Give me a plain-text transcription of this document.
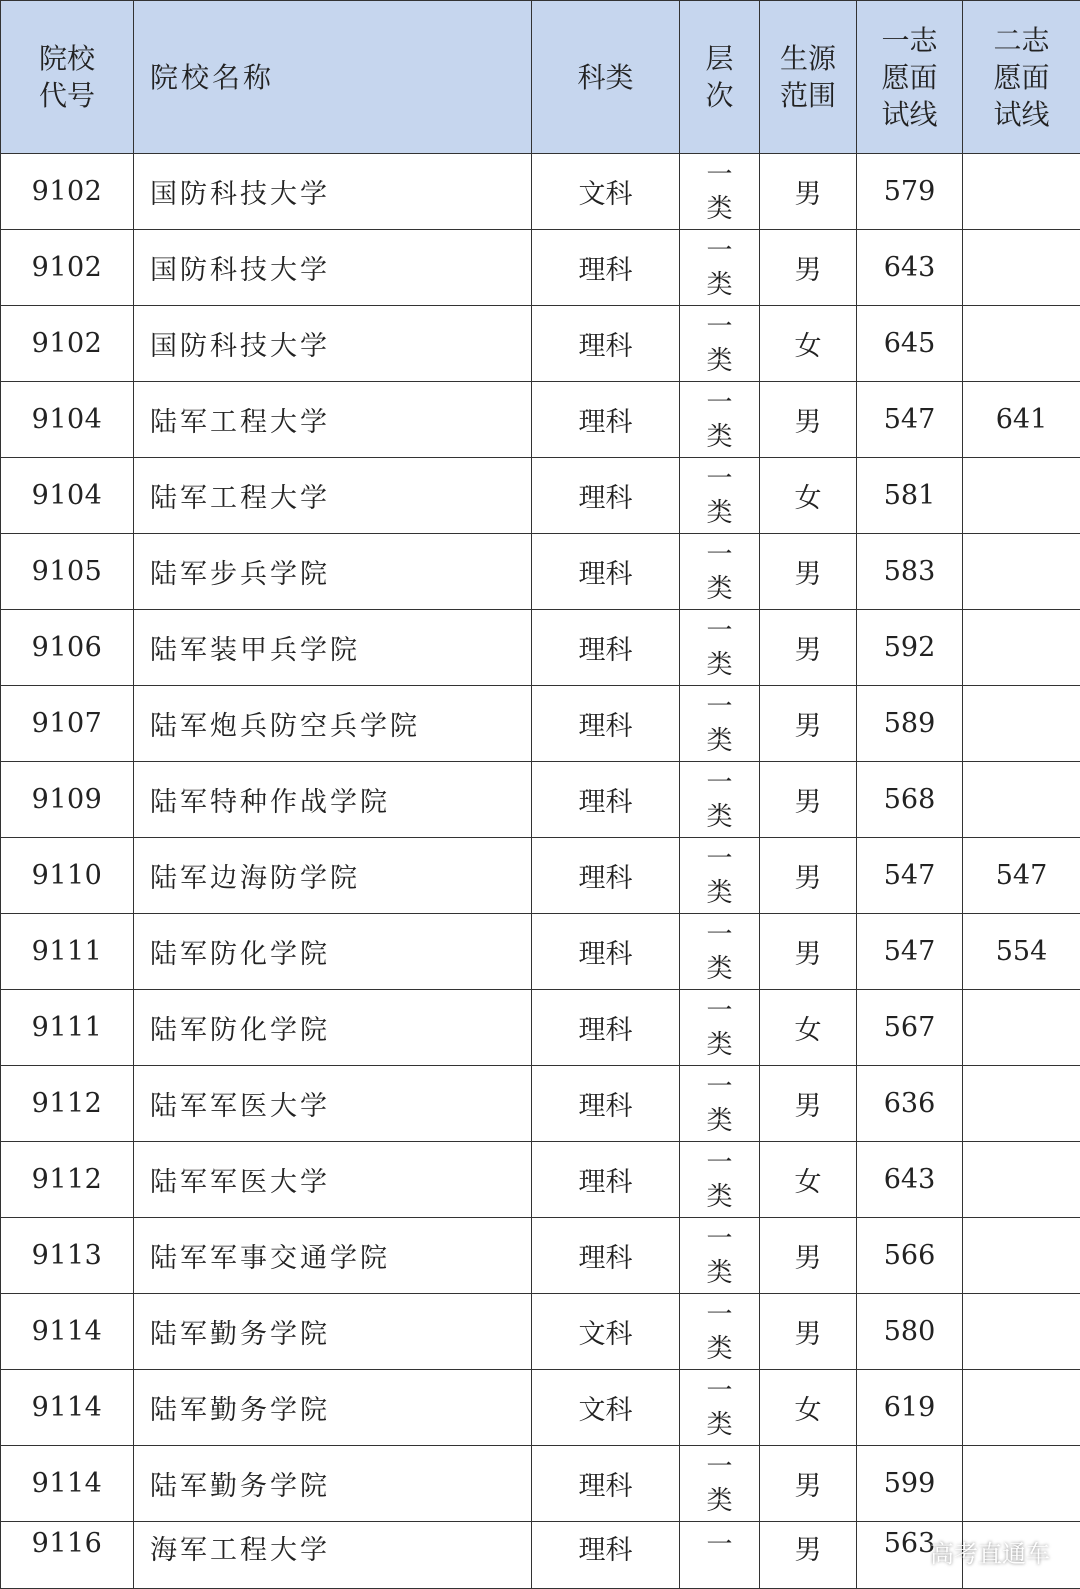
院校代号	院校名称	科类	层次	生源范围	一志愿面试线	二志愿面试线
9102	国防科技大学	文科	一类	男	579	
9102	国防科技大学	理科	一类	男	643	
9102	国防科技大学	理科	一类	女	645	
9104	陆军工程大学	理科	一类	男	547	641
9104	陆军工程大学	理科	一类	女	581	
9105	陆军步兵学院	理科	一类	男	583	
9106	陆军装甲兵学院	理科	一类	男	592	
9107	陆军炮兵防空兵学院	理科	一类	男	589	
9109	陆军特种作战学院	理科	一类	男	568	
9110	陆军边海防学院	理科	一类	男	547	547
9111	陆军防化学院	理科	一类	男	547	554
9111	陆军防化学院	理科	一类	女	567	
9112	陆军军医大学	理科	一类	男	636	
9112	陆军军医大学	理科	一类	女	643	
9113	陆军军事交通学院	理科	一类	男	566	
9114	陆军勤务学院	文科	一类	男	580	
9114	陆军勤务学院	文科	一类	女	619	
9114	陆军勤务学院	理科	一类	男	599	
9116	海军工程大学	理科	一	男	563	
高考直通车
